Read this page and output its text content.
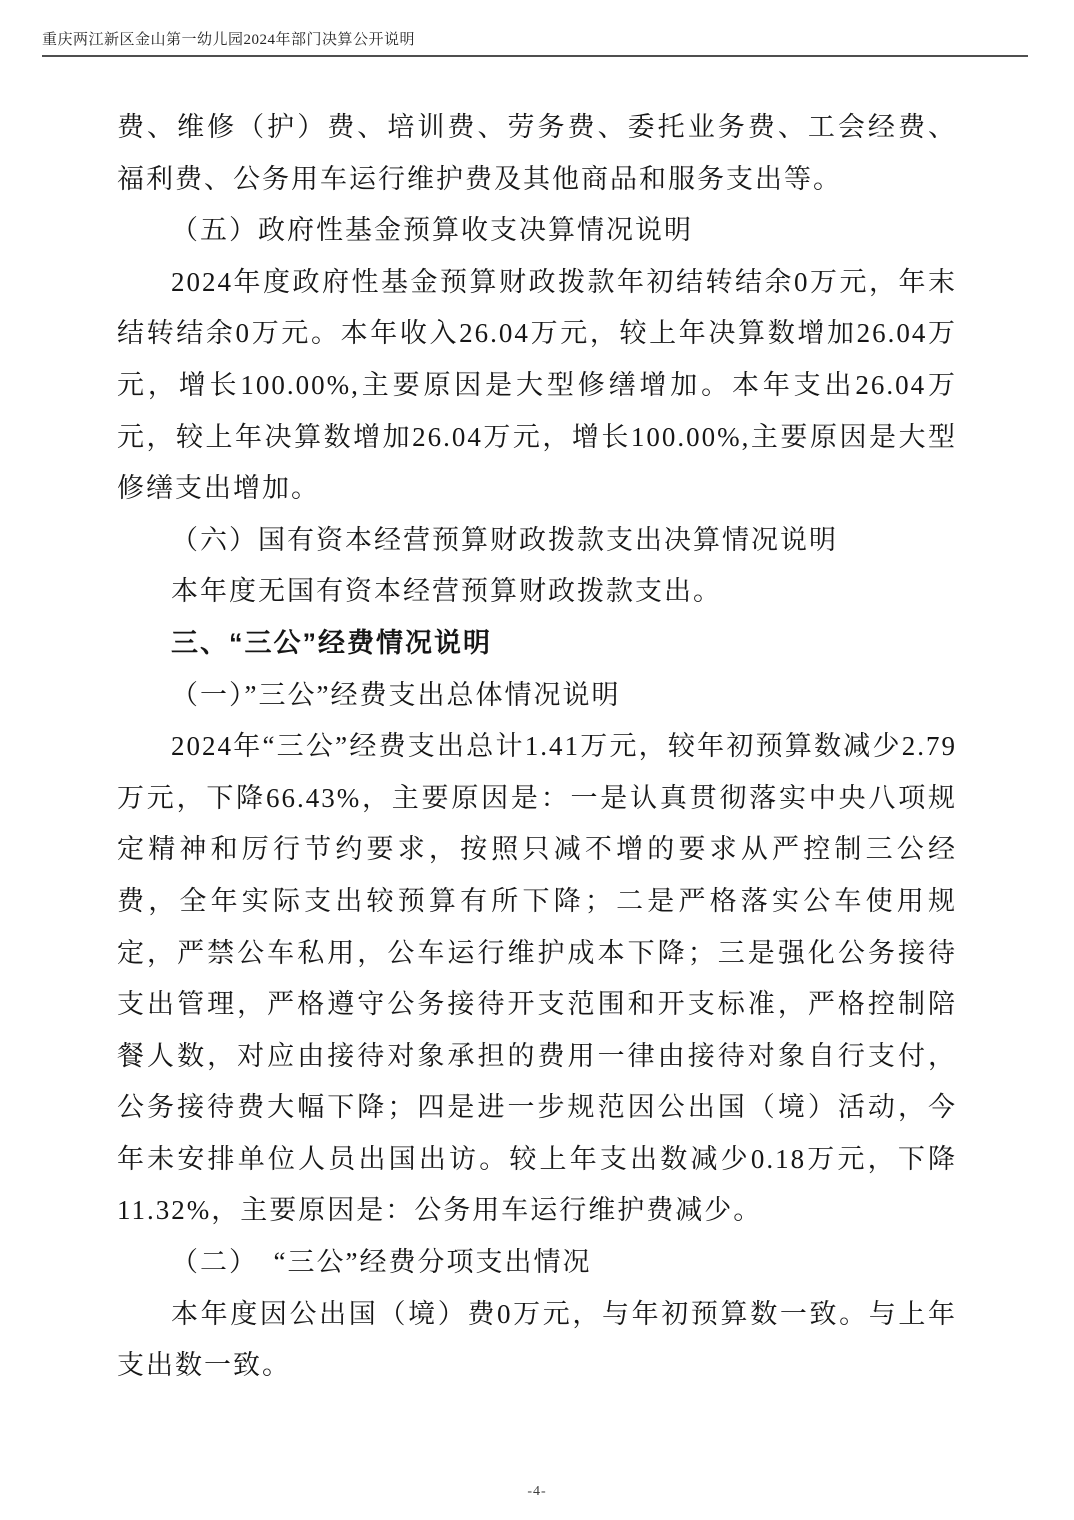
重庆两江新区金山第一幼儿园2024年部门决算公开说明

费、维修（护）费、培训费、劳务费、委托业务费、工会经费、福利费、公务用车运行维护费及其他商品和服务支出等。

（五）政府性基金预算收支决算情况说明

2024年度政府性基金预算财政拨款年初结转结余0万元，年末结转结余0万元。本年收入26.04万元，较上年决算数增加26.04万元，增长100.00%,主要原因是大型修缮增加。本年支出26.04万元，较上年决算数增加26.04万元，增长100.00%,主要原因是大型修缮支出增加。

（六）国有资本经营预算财政拨款支出决算情况说明

本年度无国有资本经营预算财政拨款支出。

三、“三公”经费情况说明

（一）”三公”经费支出总体情况说明

2024年“三公”经费支出总计1.41万元，较年初预算数减少2.79万元，下降66.43%，主要原因是：一是认真贯彻落实中央八项规定精神和厉行节约要求，按照只减不增的要求从严控制三公经费，全年实际支出较预算有所下降；二是严格落实公车使用规定，严禁公车私用，公车运行维护成本下降；三是强化公务接待支出管理，严格遵守公务接待开支范围和开支标准，严格控制陪餐人数，对应由接待对象承担的费用一律由接待对象自行支付，公务接待费大幅下降；四是进一步规范因公出国（境）活动，今年未安排单位人员出国出访。较上年支出数减少0.18万元，下降11.32%，主要原因是：公务用车运行维护费减少。

（二）　“三公”经费分项支出情况

本年度因公出国（境）费0万元，与年初预算数一致。与上年支出数一致。

-4-
